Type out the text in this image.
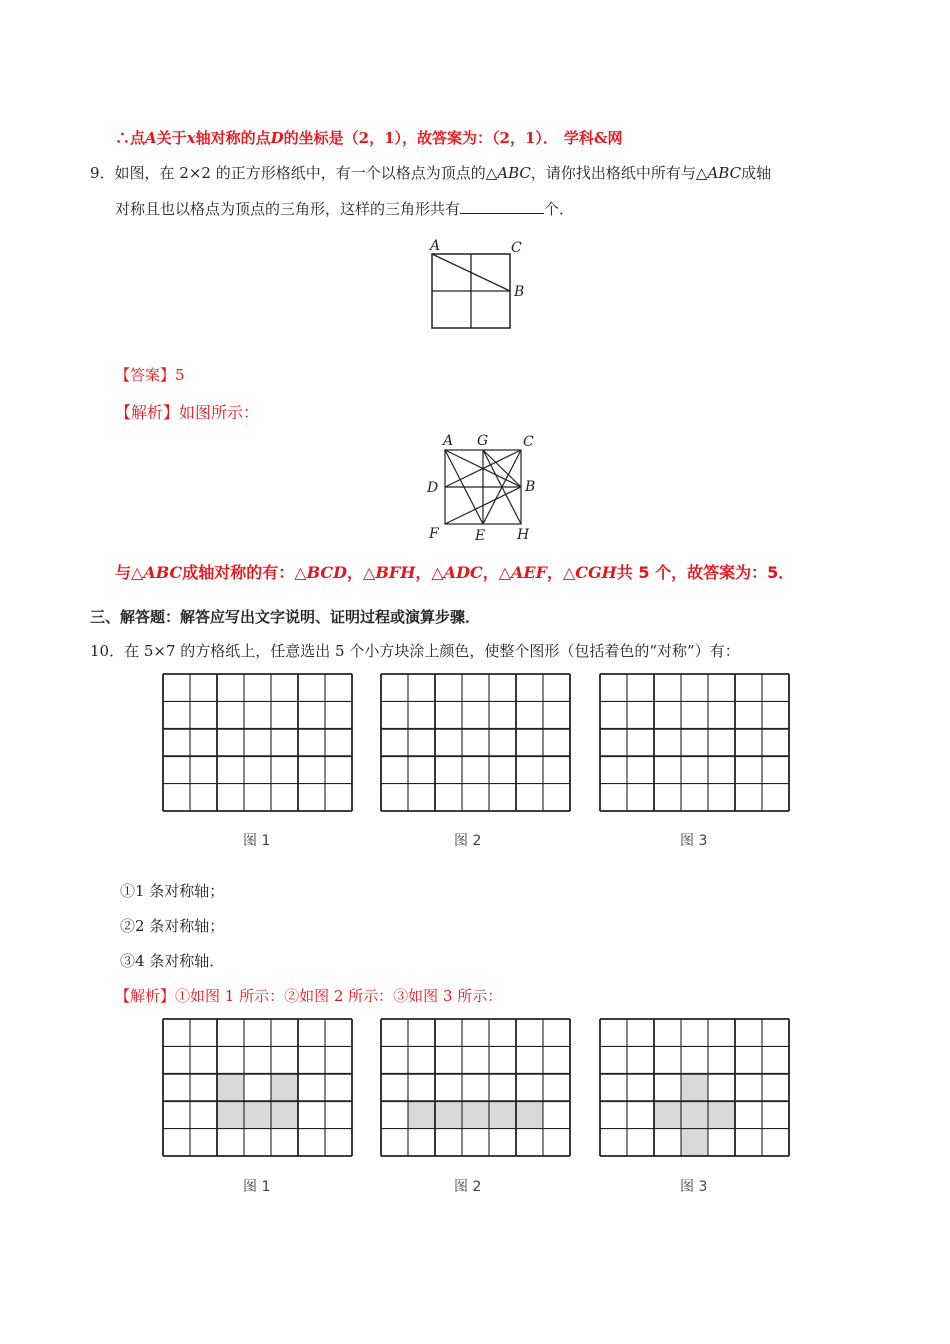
∴点A关于x轴对称的点D的坐标是（2，1），故答案为：（2，1）． 学科&网
9．如图，在 2×2 的正方形格纸中，有一个以格点为顶点的△ABC，请你找出格纸中所有与△ABC成轴
对称且也以格点为顶点的三角形，这样的三角形共有	个．
A	C
B
【答案】5
【解析】如图所示：
A G C
D	B
F	E H
与△ABC成轴对称的有：△BCD，△BFH，△ADC，△AEF，△CGH共 5 个，故答案为：5．
三、解答题：解答应写出文字说明、证明过程或演算步骤．
10．在 5×7 的方格纸上，任意选出 5 个小方块涂上颜色，使整个图形（包括着色的“对称”）有：
图 1	图 2	图 3
①1 条对称轴；
②2 条对称轴；
③4 条对称轴．
【解析】①如图 1 所示：②如图 2 所示：③如图 3 所示：
图 1	图 2	图 3
